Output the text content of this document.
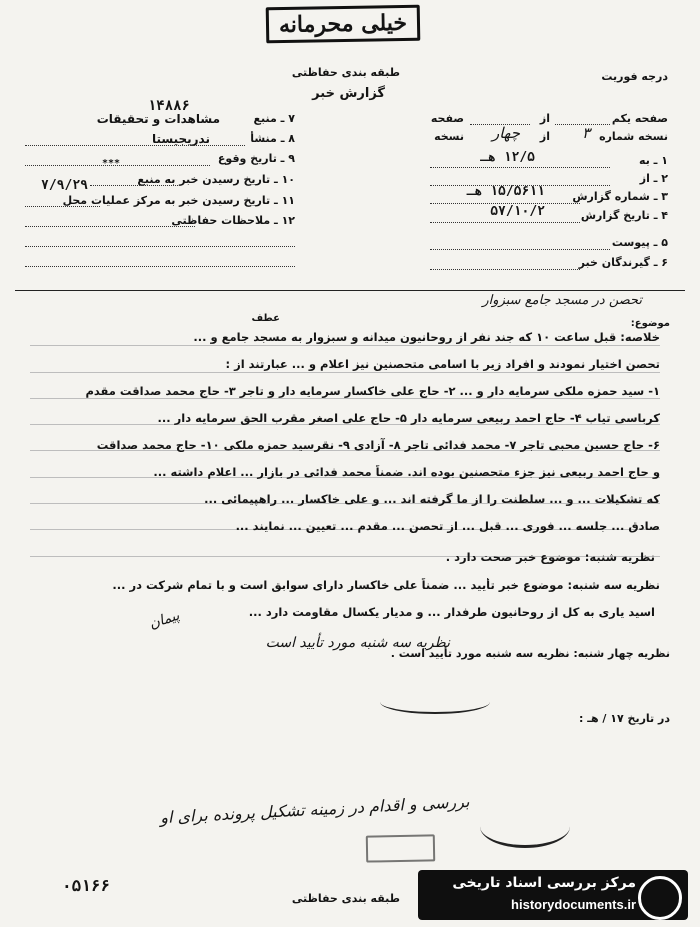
خیلی محرمانه
طبقه بندی حفاظتی	درجه فوریت
گزارش خبر
صفحه یکم
از
صفحه
نسخه شماره
۳
از
چهار
نسخه
۱ ـ به
۱۲/۵ هـ
۲ ـ از
۳ ـ شماره گزارش
۱۵/۵۶۱۱ هـ
۴ ـ تاریخ گزارش
۵۷/۱۰/۲
۵ ـ پیوست
۶ ـ گیرندگان خبر
۷ ـ منبع
۱۴۸۸۶
مشاهدات و تحقیقات
۸ ـ منشأ
ندریجیستا
۹ ـ تاریخ وقوع
***
۱۰ ـ تاریخ رسیدن خبر به منبع
۷/۹/۲۹
۱۱ ـ تاریخ رسیدن خبر به مرکز عملیات محل
۱۲ ـ ملاحظات حفاظتی
موضوع:
تحصن در مسجد جامع سبزوار
عطف
خلاصه: قبل ساعت ۱۰ که جند نفر از روحانیون میدانه و سبزوار به مسجد جامع و ...
تحصن اختیار نمودند و افراد زیر با اسامی متحصنین نیز اعلام و ... عبارتند از :
۱- سید حمزه ملکی سرمایه دار و ... ۲- حاج علی خاکسار سرمایه دار و تاجر ۳- حاج محمد صداقت مقدم
کرباسی تیاب ۴- حاج احمد ربیعی سرمایه دار ۵- حاج علی اصغر مقرب الحق سرمایه دار ...
۶- حاج حسین محبی تاجر ۷- محمد فدائی تاجر ۸- آزادی ۹- نقرسید حمزه ملکی ۱۰- حاج محمد صداقت
و حاج احمد ربیعی نیز جزء متحصنین بوده اند. ضمناً محمد فدائی در بازار ... اعلام داشته ...
که تشکیلات ... و ... سلطنت را از ما گرفته اند ... و علی خاکسار ... راهپیمائی ...
صادق ... جلسه ... فوری ... قبل ... از تحصن ... مقدم ... تعیین ... نمایند ...
نظریه شنبه: موضوع خبر صحت دارد .
نظریه سه شنبه: موضوع خبر تأیید ... ضمناً علی خاکسار دارای سوابق است و با تمام شرکت در ...
اسید یاری به کل از روحانیون طرفدار ... و مدیار یکسال مقاومت دارد ...
نظریه چهار شنبه: نظریه سه شنبه مورد تأیید است .
نظریه سه شنبه مورد تأیید است
پیمان
در تاریخ ۱۷ / هـ :
بررسی و اقدام در زمینه تشکیل پرونده برای او

طبقه بندی حفاظتی
۰۵۱۶۶	مرکز بررسی اسناد تاریخی
historydocuments.ir
